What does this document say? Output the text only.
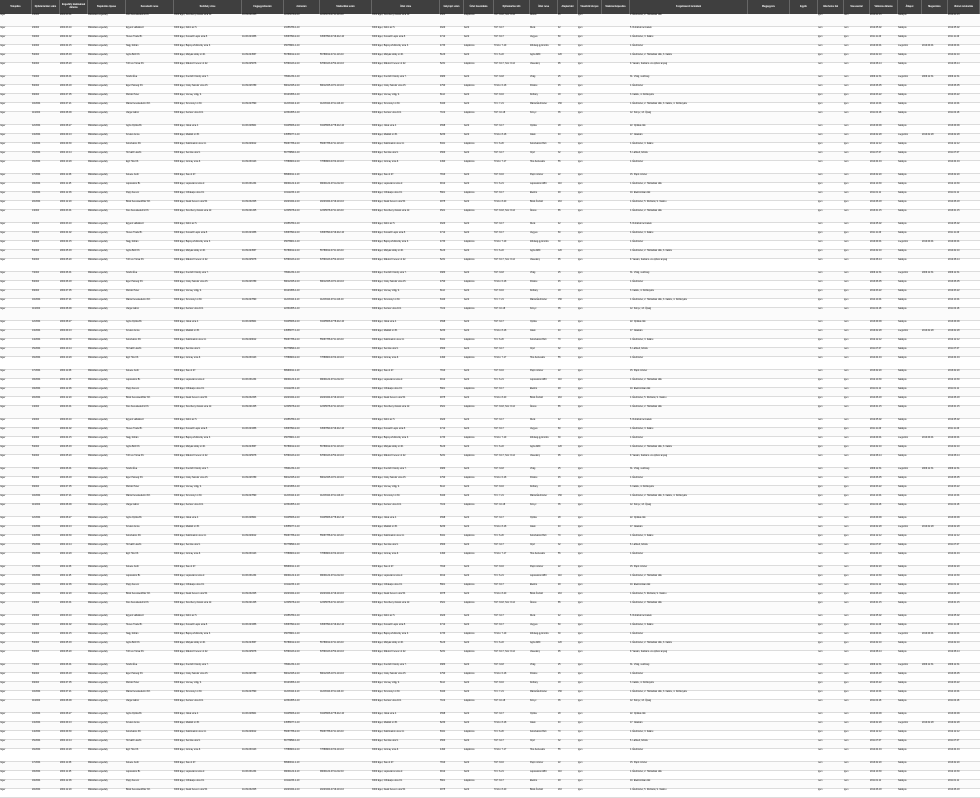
Település	Nyilvántartási szám	Engedély kiadásának dátuma	Bejelentés típusa	Kereskedő neve	Székhely címe	Cégjegyzékszám	Adószám	Statisztikai szám	Üzlet címe	Helyrajzi szám	Üzlet használata	Nyitvatartási idő	Üzlet neve	Alapterület	Vásárlók könyve	Szakmai képesítés	Forgalmazott termékek	Megjegyzés	Egyéb	Alkoholos ital	Szeszesital	Változás dátuma	Állapot	Megszűnés	Utolsó módosítás
Eger	1/2004	2004.03.01	Működési engedély	Kiss Kereskedelmi Kft.	3300 Eger, Széchenyi István utca 12.	10-09-021345	12345678-2-10	12345678-4711-113-10	3300 Eger, Széchenyi István utca 12.	4521	tulajdonos	H-P: 8-18, Szo: 8-12	Ábécé	85	igen		1. Élelmiszer, 2. Háztartási cikk			igen	nem	2013.01.15	hatályos		2013.01.15
Eger	2/2004	2004.03.10	Működési engedély	Egyéni vállalkozó	3300 Eger, Dobó tér 5.		23456789-1-10		3300 Eger, Dobó tér 5.	4620	bérlő	H-P: 9-17	Divat	42	igen		5. Ruházati termékek			nem	nem	2012.05.02	hatályos		2012.05.02
Eger	3/2004	2004.04.02	Működési engedély	Heves Trade Bt.	3300 Eger, Kossuth Lajos utca 8.	10-06-023456	34567890-2-10	34567890-4719-212-10	3300 Eger, Kossuth Lajos utca 8.	4712	bérlő	H-P: 8-17	Vegyes	60	igen		1. Élelmiszer, 3. Italáru			igen	igen	2011.11.20	hatályos		2011.11.20
Eger	4/2004	2004.04.15	Működési engedély	Nagy Zoltán	3300 Eger, Bajcsy-Zsilinszky utca 3.		45678901-1-10		3300 Eger, Bajcsy-Zsilinszky utca 3.	4733	tulajdonos	H-Szo: 7-19	Zöldség-gyümölcs	30	igen		1. Élelmiszer			nem	nem	2010.09.01	megszűnt	2010.09.01	2010.09.01
Eger	5/2004	2004.05.03	Működési engedély	Agria Bolt Kft.	3300 Eger, Mátyás király út 40.	10-09-024567	56789012-2-10	56789012-4711-113-10	3300 Eger, Mátyás király út 40.	5120	bérlő	H-V: 6-22	Agria ABC	120	igen		1. Élelmiszer, 2. Háztartási cikk, 3. Italáru			igen	igen	2014.02.10	hatályos		2014.02.10
Eger	6/2004	2004.05.20	Működési engedély	Tóth és Társa Kft.	3300 Eger, Rákóczi Ferenc út 22.	10-09-025678	67890123-2-10	67890123-4752-113-10	3300 Eger, Rákóczi Ferenc út 22.	5231	tulajdonos	H-P: 8-17, Szo: 8-12	Vasedény	95	igen		9. Vasáru, barkács- és építési anyag			nem	nem	2012.08.14	hatályos		2012.08.14
Eger	7/2004	2004.06.01	Működési engedély	Szabó Éva	3300 Eger, Knézich Károly utca 7.		78901234-1-10		3300 Eger, Knézich Károly utca 7.	4680	bérlő	H-P: 9-18	Virág	25	igen		31. Virág, vetőmag			nem	nem	2009.12.31	megszűnt	2009.12.31	2009.12.31
Eger	8/2004	2004.06.18	Működési engedély	Eger Pékség Kft.	3300 Eger, Csiky Sándor utca 15.	10-09-026789	89012345-2-10	89012345-1071-113-10	3300 Eger, Csiky Sándor utca 15.	4790	tulajdonos	H-Szo: 6-18	Pékáru	45	igen		1. Élelmiszer			nem	nem	2013.06.05	hatályos		2013.06.05
Eger	9/2004	2004.07.05	Működési engedély	Molnár Péter	3300 Eger, Vécsey völgy 2.		90123456-1-10		3300 Eger, Vécsey völgy 2.	6112	bérlő	H-P: 8-16	Dohány	18	igen		3. Italáru, 4. Dohányáru			igen	igen	2012.03.22	hatályos		2012.03.22
Eger	10/2004	2004.07.21	Működési engedély	Mátra Kereskedelmi Kft.	3300 Eger, Szvorényi út 30.	10-09-027890	11223344-2-10	11223344-4711-113-10	3300 Eger, Szvorényi út 30.	6340	bérlő	H-V: 7-21	Mátra Élelmiszer	150	igen		1. Élelmiszer, 2. Háztartási cikk, 3. Italáru, 4. Dohányáru			igen	igen	2014.10.01	hatályos		2014.10.01
Eger	11/2004	2004.08.09	Működési engedély	Varga Gábor	3300 Eger, Kertész utca 101.		22334455-1-10		3300 Eger, Kertész utca 101.	7102	tulajdonos	H-P: 10-18	Könyv	35	igen		12. Könyv, 13. Újság			nem	nem	2011.04.18	hatályos		2011.04.18
Eger	12/2004	2004.08.27	Működési engedély	Agria Optika Bt.	3300 Eger, Jókai utca 4.	10-06-028901	33445566-2-10	33445566-4778-212-10	3300 Eger, Jókai utca 4.	4598	bérlő	H-P: 9-17	Optika	28	igen		22. Optikai cikk			nem	nem	2013.09.09	hatályos		2013.09.09
Eger	13/2004	2004.09.13	Működési engedély	Kovács Anna	3300 Eger, Maklári út 45.		44556677-1-10		3300 Eger, Maklári út 45.	8230	bérlő	H-Szo: 8-18	Játék	40	igen		17. Játékáru			nem	nem	2010.02.28	megszűnt	2010.02.28	2010.02.28
Eger	14/2004	2004.09.30	Működési engedély	Felsőváros Kft.	3300 Eger, Kallómalom utca 11.	10-09-029012	55667788-2-10	55667788-4711-113-10	3300 Eger, Kallómalom utca 11.	8341	tulajdonos	H-V: 6-20	Felsővárosi Bolt	70	igen		1. Élelmiszer, 3. Italáru			igen	igen	2012.12.12	hatályos		2012.12.12
Eger	15/2004	2004.10.14	Működési engedély	Horváth László	3300 Eger, Servita utca 9.		66778899-1-10		3300 Eger, Servita utca 9.	4560	bérlő	H-P: 9-17	Cipő	32	igen		6. Lábbeli, bőráru			nem	nem	2011.07.07	hatályos		2011.07.07
Eger	16/2004	2004.10.29	Működési engedély	Egri Hús Kft.	3300 Eger, Grónay utca 6.	10-09-030123	77889900-2-10	77889900-4722-113-10	3300 Eger, Grónay utca 6.	4490	tulajdonos	H-Szo: 7-17	Hús-hentesáru	55	igen		1. Élelmiszer			nem	nem	2014.04.04	hatályos		2014.04.04
Eger	17/2004	2004.11.08	Működési engedély	Fekete Judit	3300 Eger, Sas út 27.		88990011-1-10		3300 Eger, Sas út 27.	7810	bérlő	H-P: 8-16	Papír-írószer	22	igen		15. Papír-írószer			nem	nem	2013.02.20	hatályos		2013.02.20
Eger	18/2004	2004.11.25	Működési engedély	Lajosváros Bt.	3300 Eger, Lajosvárosi utca 2.	10-06-031234	99001122-2-10	99001122-4711-212-10	3300 Eger, Lajosvárosi utca 2.	9012	bérlő	H-V: 6-21	Lajosvárosi ABC	110	igen		1. Élelmiszer, 2. Háztartási cikk			igen	igen	2012.10.30	hatályos		2012.10.30
Eger	19/2004	2004.12.06	Működési engedély	Papp Ferenc	3300 Eger, Cifrakapu utca 19.		10112233-1-10		3300 Eger, Cifrakapu utca 19.	5601	tulajdonos	H-P: 8-17	Elektro	48	igen		10. Elektronikai cikk			nem	nem	2011.01.11	hatályos		2011.01.11
Eger	20/2004	2004.12.20	Működési engedély	Bükk Kereskedőház Kft.	3300 Eger, Deák Ferenc utca 50.	10-09-032345	20223344-2-10	20223344-4719-113-10	3300 Eger, Deák Ferenc utca 50.	4875	bérlő	H-Szo: 8-20	Bükk Áruház	210	igen		1. Élelmiszer, 5. Ruházat, 9. Vasáru			igen	igen	2014.06.18	hatályos		2014.06.18
Eger	1/2004	2004.03.01	Működési engedély	Kiss Kereskedelmi Kft.	3300 Eger, Széchenyi István utca 12.	10-09-021345	12345678-2-10	12345678-4711-113-10	3300 Eger, Széchenyi István utca 12.	4521	tulajdonos	H-P: 8-18, Szo: 8-12	Ábécé	85	igen		1. Élelmiszer, 2. Háztartási cikk			igen	nem	2013.01.15	hatályos		2013.01.15
Eger	2/2004	2004.03.10	Működési engedély	Egyéni vállalkozó	3300 Eger, Dobó tér 5.		23456789-1-10		3300 Eger, Dobó tér 5.	4620	bérlő	H-P: 9-17	Divat	42	igen		5. Ruházati termékek			nem	nem	2012.05.02	hatályos		2012.05.02
Eger	3/2004	2004.04.02	Működési engedély	Heves Trade Bt.	3300 Eger, Kossuth Lajos utca 8.	10-06-023456	34567890-2-10	34567890-4719-212-10	3300 Eger, Kossuth Lajos utca 8.	4712	bérlő	H-P: 8-17	Vegyes	60	igen		1. Élelmiszer, 3. Italáru			igen	igen	2011.11.20	hatályos		2011.11.20
Eger	4/2004	2004.04.15	Működési engedély	Nagy Zoltán	3300 Eger, Bajcsy-Zsilinszky utca 3.		45678901-1-10		3300 Eger, Bajcsy-Zsilinszky utca 3.	4733	tulajdonos	H-Szo: 7-19	Zöldség-gyümölcs	30	igen		1. Élelmiszer			nem	nem	2010.09.01	megszűnt	2010.09.01	2010.09.01
Eger	5/2004	2004.05.03	Működési engedély	Agria Bolt Kft.	3300 Eger, Mátyás király út 40.	10-09-024567	56789012-2-10	56789012-4711-113-10	3300 Eger, Mátyás király út 40.	5120	bérlő	H-V: 6-22	Agria ABC	120	igen		1. Élelmiszer, 2. Háztartási cikk, 3. Italáru			igen	igen	2014.02.10	hatályos		2014.02.10
Eger	6/2004	2004.05.20	Működési engedély	Tóth és Társa Kft.	3300 Eger, Rákóczi Ferenc út 22.	10-09-025678	67890123-2-10	67890123-4752-113-10	3300 Eger, Rákóczi Ferenc út 22.	5231	tulajdonos	H-P: 8-17, Szo: 8-12	Vasedény	95	igen		9. Vasáru, barkács- és építési anyag			nem	nem	2012.08.14	hatályos		2012.08.14
Eger	7/2004	2004.06.01	Működési engedély	Szabó Éva	3300 Eger, Knézich Károly utca 7.		78901234-1-10		3300 Eger, Knézich Károly utca 7.	4680	bérlő	H-P: 9-18	Virág	25	igen		31. Virág, vetőmag			nem	nem	2009.12.31	megszűnt	2009.12.31	2009.12.31
Eger	8/2004	2004.06.18	Működési engedély	Eger Pékség Kft.	3300 Eger, Csiky Sándor utca 15.	10-09-026789	89012345-2-10	89012345-1071-113-10	3300 Eger, Csiky Sándor utca 15.	4790	tulajdonos	H-Szo: 6-18	Pékáru	45	igen		1. Élelmiszer			nem	nem	2013.06.05	hatályos		2013.06.05
Eger	9/2004	2004.07.05	Működési engedély	Molnár Péter	3300 Eger, Vécsey völgy 2.		90123456-1-10		3300 Eger, Vécsey völgy 2.	6112	bérlő	H-P: 8-16	Dohány	18	igen		3. Italáru, 4. Dohányáru			igen	igen	2012.03.22	hatályos		2012.03.22
Eger	10/2004	2004.07.21	Működési engedély	Mátra Kereskedelmi Kft.	3300 Eger, Szvorényi út 30.	10-09-027890	11223344-2-10	11223344-4711-113-10	3300 Eger, Szvorényi út 30.	6340	bérlő	H-V: 7-21	Mátra Élelmiszer	150	igen		1. Élelmiszer, 2. Háztartási cikk, 3. Italáru, 4. Dohányáru			igen	igen	2014.10.01	hatályos		2014.10.01
Eger	11/2004	2004.08.09	Működési engedély	Varga Gábor	3300 Eger, Kertész utca 101.		22334455-1-10		3300 Eger, Kertész utca 101.	7102	tulajdonos	H-P: 10-18	Könyv	35	igen		12. Könyv, 13. Újság			nem	nem	2011.04.18	hatályos		2011.04.18
Eger	12/2004	2004.08.27	Működési engedély	Agria Optika Bt.	3300 Eger, Jókai utca 4.	10-06-028901	33445566-2-10	33445566-4778-212-10	3300 Eger, Jókai utca 4.	4598	bérlő	H-P: 9-17	Optika	28	igen		22. Optikai cikk			nem	nem	2013.09.09	hatályos		2013.09.09
Eger	13/2004	2004.09.13	Működési engedély	Kovács Anna	3300 Eger, Maklári út 45.		44556677-1-10		3300 Eger, Maklári út 45.	8230	bérlő	H-Szo: 8-18	Játék	40	igen		17. Játékáru			nem	nem	2010.02.28	megszűnt	2010.02.28	2010.02.28
Eger	14/2004	2004.09.30	Működési engedély	Felsőváros Kft.	3300 Eger, Kallómalom utca 11.	10-09-029012	55667788-2-10	55667788-4711-113-10	3300 Eger, Kallómalom utca 11.	8341	tulajdonos	H-V: 6-20	Felsővárosi Bolt	70	igen		1. Élelmiszer, 3. Italáru			igen	igen	2012.12.12	hatályos		2012.12.12
Eger	15/2004	2004.10.14	Működési engedély	Horváth László	3300 Eger, Servita utca 9.		66778899-1-10		3300 Eger, Servita utca 9.	4560	bérlő	H-P: 9-17	Cipő	32	igen		6. Lábbeli, bőráru			nem	nem	2011.07.07	hatályos		2011.07.07
Eger	16/2004	2004.10.29	Működési engedély	Egri Hús Kft.	3300 Eger, Grónay utca 6.	10-09-030123	77889900-2-10	77889900-4722-113-10	3300 Eger, Grónay utca 6.	4490	tulajdonos	H-Szo: 7-17	Hús-hentesáru	55	igen		1. Élelmiszer			nem	nem	2014.04.04	hatályos		2014.04.04
Eger	17/2004	2004.11.08	Működési engedély	Fekete Judit	3300 Eger, Sas út 27.		88990011-1-10		3300 Eger, Sas út 27.	7810	bérlő	H-P: 8-16	Papír-írószer	22	igen		15. Papír-írószer			nem	nem	2013.02.20	hatályos		2013.02.20
Eger	18/2004	2004.11.25	Működési engedély	Lajosváros Bt.	3300 Eger, Lajosvárosi utca 2.	10-06-031234	99001122-2-10	99001122-4711-212-10	3300 Eger, Lajosvárosi utca 2.	9012	bérlő	H-V: 6-21	Lajosvárosi ABC	110	igen		1. Élelmiszer, 2. Háztartási cikk			igen	igen	2012.10.30	hatályos		2012.10.30
Eger	19/2004	2004.12.06	Működési engedély	Papp Ferenc	3300 Eger, Cifrakapu utca 19.		10112233-1-10		3300 Eger, Cifrakapu utca 19.	5601	tulajdonos	H-P: 8-17	Elektro	48	igen		10. Elektronikai cikk			nem	nem	2011.01.11	hatályos		2011.01.11
Eger	20/2004	2004.12.20	Működési engedély	Bükk Kereskedőház Kft.	3300 Eger, Deák Ferenc utca 50.	10-09-032345	20223344-2-10	20223344-4719-113-10	3300 Eger, Deák Ferenc utca 50.	4875	bérlő	H-Szo: 8-20	Bükk Áruház	210	igen		1. Élelmiszer, 5. Ruházat, 9. Vasáru			igen	igen	2014.06.18	hatályos		2014.06.18
Eger	1/2004	2004.03.01	Működési engedély	Kiss Kereskedelmi Kft.	3300 Eger, Széchenyi István utca 12.	10-09-021345	12345678-2-10	12345678-4711-113-10	3300 Eger, Széchenyi István utca 12.	4521	tulajdonos	H-P: 8-18, Szo: 8-12	Ábécé	85	igen		1. Élelmiszer, 2. Háztartási cikk			igen	nem	2013.01.15	hatályos		2013.01.15
Eger	2/2004	2004.03.10	Működési engedély	Egyéni vállalkozó	3300 Eger, Dobó tér 5.		23456789-1-10		3300 Eger, Dobó tér 5.	4620	bérlő	H-P: 9-17	Divat	42	igen		5. Ruházati termékek			nem	nem	2012.05.02	hatályos		2012.05.02
Eger	3/2004	2004.04.02	Működési engedély	Heves Trade Bt.	3300 Eger, Kossuth Lajos utca 8.	10-06-023456	34567890-2-10	34567890-4719-212-10	3300 Eger, Kossuth Lajos utca 8.	4712	bérlő	H-P: 8-17	Vegyes	60	igen		1. Élelmiszer, 3. Italáru			igen	igen	2011.11.20	hatályos		2011.11.20
Eger	4/2004	2004.04.15	Működési engedély	Nagy Zoltán	3300 Eger, Bajcsy-Zsilinszky utca 3.		45678901-1-10		3300 Eger, Bajcsy-Zsilinszky utca 3.	4733	tulajdonos	H-Szo: 7-19	Zöldség-gyümölcs	30	igen		1. Élelmiszer			nem	nem	2010.09.01	megszűnt	2010.09.01	2010.09.01
Eger	5/2004	2004.05.03	Működési engedély	Agria Bolt Kft.	3300 Eger, Mátyás király út 40.	10-09-024567	56789012-2-10	56789012-4711-113-10	3300 Eger, Mátyás király út 40.	5120	bérlő	H-V: 6-22	Agria ABC	120	igen		1. Élelmiszer, 2. Háztartási cikk, 3. Italáru			igen	igen	2014.02.10	hatályos		2014.02.10
Eger	6/2004	2004.05.20	Működési engedély	Tóth és Társa Kft.	3300 Eger, Rákóczi Ferenc út 22.	10-09-025678	67890123-2-10	67890123-4752-113-10	3300 Eger, Rákóczi Ferenc út 22.	5231	tulajdonos	H-P: 8-17, Szo: 8-12	Vasedény	95	igen		9. Vasáru, barkács- és építési anyag			nem	nem	2012.08.14	hatályos		2012.08.14
Eger	7/2004	2004.06.01	Működési engedély	Szabó Éva	3300 Eger, Knézich Károly utca 7.		78901234-1-10		3300 Eger, Knézich Károly utca 7.	4680	bérlő	H-P: 9-18	Virág	25	igen		31. Virág, vetőmag			nem	nem	2009.12.31	megszűnt	2009.12.31	2009.12.31
Eger	8/2004	2004.06.18	Működési engedély	Eger Pékség Kft.	3300 Eger, Csiky Sándor utca 15.	10-09-026789	89012345-2-10	89012345-1071-113-10	3300 Eger, Csiky Sándor utca 15.	4790	tulajdonos	H-Szo: 6-18	Pékáru	45	igen		1. Élelmiszer			nem	nem	2013.06.05	hatályos		2013.06.05
Eger	9/2004	2004.07.05	Működési engedély	Molnár Péter	3300 Eger, Vécsey völgy 2.		90123456-1-10		3300 Eger, Vécsey völgy 2.	6112	bérlő	H-P: 8-16	Dohány	18	igen		3. Italáru, 4. Dohányáru			igen	igen	2012.03.22	hatályos		2012.03.22
Eger	10/2004	2004.07.21	Működési engedély	Mátra Kereskedelmi Kft.	3300 Eger, Szvorényi út 30.	10-09-027890	11223344-2-10	11223344-4711-113-10	3300 Eger, Szvorényi út 30.	6340	bérlő	H-V: 7-21	Mátra Élelmiszer	150	igen		1. Élelmiszer, 2. Háztartási cikk, 3. Italáru, 4. Dohányáru			igen	igen	2014.10.01	hatályos		2014.10.01
Eger	11/2004	2004.08.09	Működési engedély	Varga Gábor	3300 Eger, Kertész utca 101.		22334455-1-10		3300 Eger, Kertész utca 101.	7102	tulajdonos	H-P: 10-18	Könyv	35	igen		12. Könyv, 13. Újság			nem	nem	2011.04.18	hatályos		2011.04.18
Eger	12/2004	2004.08.27	Működési engedély	Agria Optika Bt.	3300 Eger, Jókai utca 4.	10-06-028901	33445566-2-10	33445566-4778-212-10	3300 Eger, Jókai utca 4.	4598	bérlő	H-P: 9-17	Optika	28	igen		22. Optikai cikk			nem	nem	2013.09.09	hatályos		2013.09.09
Eger	13/2004	2004.09.13	Működési engedély	Kovács Anna	3300 Eger, Maklári út 45.		44556677-1-10		3300 Eger, Maklári út 45.	8230	bérlő	H-Szo: 8-18	Játék	40	igen		17. Játékáru			nem	nem	2010.02.28	megszűnt	2010.02.28	2010.02.28
Eger	14/2004	2004.09.30	Működési engedély	Felsőváros Kft.	3300 Eger, Kallómalom utca 11.	10-09-029012	55667788-2-10	55667788-4711-113-10	3300 Eger, Kallómalom utca 11.	8341	tulajdonos	H-V: 6-20	Felsővárosi Bolt	70	igen		1. Élelmiszer, 3. Italáru			igen	igen	2012.12.12	hatályos		2012.12.12
Eger	15/2004	2004.10.14	Működési engedély	Horváth László	3300 Eger, Servita utca 9.		66778899-1-10		3300 Eger, Servita utca 9.	4560	bérlő	H-P: 9-17	Cipő	32	igen		6. Lábbeli, bőráru			nem	nem	2011.07.07	hatályos		2011.07.07
Eger	16/2004	2004.10.29	Működési engedély	Egri Hús Kft.	3300 Eger, Grónay utca 6.	10-09-030123	77889900-2-10	77889900-4722-113-10	3300 Eger, Grónay utca 6.	4490	tulajdonos	H-Szo: 7-17	Hús-hentesáru	55	igen		1. Élelmiszer			nem	nem	2014.04.04	hatályos		2014.04.04
Eger	17/2004	2004.11.08	Működési engedély	Fekete Judit	3300 Eger, Sas út 27.		88990011-1-10		3300 Eger, Sas út 27.	7810	bérlő	H-P: 8-16	Papír-írószer	22	igen		15. Papír-írószer			nem	nem	2013.02.20	hatályos		2013.02.20
Eger	18/2004	2004.11.25	Működési engedély	Lajosváros Bt.	3300 Eger, Lajosvárosi utca 2.	10-06-031234	99001122-2-10	99001122-4711-212-10	3300 Eger, Lajosvárosi utca 2.	9012	bérlő	H-V: 6-21	Lajosvárosi ABC	110	igen		1. Élelmiszer, 2. Háztartási cikk			igen	igen	2012.10.30	hatályos		2012.10.30
Eger	19/2004	2004.12.06	Működési engedély	Papp Ferenc	3300 Eger, Cifrakapu utca 19.		10112233-1-10		3300 Eger, Cifrakapu utca 19.	5601	tulajdonos	H-P: 8-17	Elektro	48	igen		10. Elektronikai cikk			nem	nem	2011.01.11	hatályos		2011.01.11
Eger	20/2004	2004.12.20	Működési engedély	Bükk Kereskedőház Kft.	3300 Eger, Deák Ferenc utca 50.	10-09-032345	20223344-2-10	20223344-4719-113-10	3300 Eger, Deák Ferenc utca 50.	4875	bérlő	H-Szo: 8-20	Bükk Áruház	210	igen		1. Élelmiszer, 5. Ruházat, 9. Vasáru			igen	igen	2014.06.18	hatályos		2014.06.18
Eger	1/2004	2004.03.01	Működési engedély	Kiss Kereskedelmi Kft.	3300 Eger, Széchenyi István utca 12.	10-09-021345	12345678-2-10	12345678-4711-113-10	3300 Eger, Széchenyi István utca 12.	4521	tulajdonos	H-P: 8-18, Szo: 8-12	Ábécé	85	igen		1. Élelmiszer, 2. Háztartási cikk			igen	nem	2013.01.15	hatályos		2013.01.15
Eger	2/2004	2004.03.10	Működési engedély	Egyéni vállalkozó	3300 Eger, Dobó tér 5.		23456789-1-10		3300 Eger, Dobó tér 5.	4620	bérlő	H-P: 9-17	Divat	42	igen		5. Ruházati termékek			nem	nem	2012.05.02	hatályos		2012.05.02
Eger	3/2004	2004.04.02	Működési engedély	Heves Trade Bt.	3300 Eger, Kossuth Lajos utca 8.	10-06-023456	34567890-2-10	34567890-4719-212-10	3300 Eger, Kossuth Lajos utca 8.	4712	bérlő	H-P: 8-17	Vegyes	60	igen		1. Élelmiszer, 3. Italáru			igen	igen	2011.11.20	hatályos		2011.11.20
Eger	4/2004	2004.04.15	Működési engedély	Nagy Zoltán	3300 Eger, Bajcsy-Zsilinszky utca 3.		45678901-1-10		3300 Eger, Bajcsy-Zsilinszky utca 3.	4733	tulajdonos	H-Szo: 7-19	Zöldség-gyümölcs	30	igen		1. Élelmiszer			nem	nem	2010.09.01	megszűnt	2010.09.01	2010.09.01
Eger	5/2004	2004.05.03	Működési engedély	Agria Bolt Kft.	3300 Eger, Mátyás király út 40.	10-09-024567	56789012-2-10	56789012-4711-113-10	3300 Eger, Mátyás király út 40.	5120	bérlő	H-V: 6-22	Agria ABC	120	igen		1. Élelmiszer, 2. Háztartási cikk, 3. Italáru			igen	igen	2014.02.10	hatályos		2014.02.10
Eger	6/2004	2004.05.20	Működési engedély	Tóth és Társa Kft.	3300 Eger, Rákóczi Ferenc út 22.	10-09-025678	67890123-2-10	67890123-4752-113-10	3300 Eger, Rákóczi Ferenc út 22.	5231	tulajdonos	H-P: 8-17, Szo: 8-12	Vasedény	95	igen		9. Vasáru, barkács- és építési anyag			nem	nem	2012.08.14	hatályos		2012.08.14
Eger	7/2004	2004.06.01	Működési engedély	Szabó Éva	3300 Eger, Knézich Károly utca 7.		78901234-1-10		3300 Eger, Knézich Károly utca 7.	4680	bérlő	H-P: 9-18	Virág	25	igen		31. Virág, vetőmag			nem	nem	2009.12.31	megszűnt	2009.12.31	2009.12.31
Eger	8/2004	2004.06.18	Működési engedély	Eger Pékség Kft.	3300 Eger, Csiky Sándor utca 15.	10-09-026789	89012345-2-10	89012345-1071-113-10	3300 Eger, Csiky Sándor utca 15.	4790	tulajdonos	H-Szo: 6-18	Pékáru	45	igen		1. Élelmiszer			nem	nem	2013.06.05	hatályos		2013.06.05
Eger	9/2004	2004.07.05	Működési engedély	Molnár Péter	3300 Eger, Vécsey völgy 2.		90123456-1-10		3300 Eger, Vécsey völgy 2.	6112	bérlő	H-P: 8-16	Dohány	18	igen		3. Italáru, 4. Dohányáru			igen	igen	2012.03.22	hatályos		2012.03.22
Eger	10/2004	2004.07.21	Működési engedély	Mátra Kereskedelmi Kft.	3300 Eger, Szvorényi út 30.	10-09-027890	11223344-2-10	11223344-4711-113-10	3300 Eger, Szvorényi út 30.	6340	bérlő	H-V: 7-21	Mátra Élelmiszer	150	igen		1. Élelmiszer, 2. Háztartási cikk, 3. Italáru, 4. Dohányáru			igen	igen	2014.10.01	hatályos		2014.10.01
Eger	11/2004	2004.08.09	Működési engedély	Varga Gábor	3300 Eger, Kertész utca 101.		22334455-1-10		3300 Eger, Kertész utca 101.	7102	tulajdonos	H-P: 10-18	Könyv	35	igen		12. Könyv, 13. Újság			nem	nem	2011.04.18	hatályos		2011.04.18
Eger	12/2004	2004.08.27	Működési engedély	Agria Optika Bt.	3300 Eger, Jókai utca 4.	10-06-028901	33445566-2-10	33445566-4778-212-10	3300 Eger, Jókai utca 4.	4598	bérlő	H-P: 9-17	Optika	28	igen		22. Optikai cikk			nem	nem	2013.09.09	hatályos		2013.09.09
Eger	13/2004	2004.09.13	Működési engedély	Kovács Anna	3300 Eger, Maklári út 45.		44556677-1-10		3300 Eger, Maklári út 45.	8230	bérlő	H-Szo: 8-18	Játék	40	igen		17. Játékáru			nem	nem	2010.02.28	megszűnt	2010.02.28	2010.02.28
Eger	14/2004	2004.09.30	Működési engedély	Felsőváros Kft.	3300 Eger, Kallómalom utca 11.	10-09-029012	55667788-2-10	55667788-4711-113-10	3300 Eger, Kallómalom utca 11.	8341	tulajdonos	H-V: 6-20	Felsővárosi Bolt	70	igen		1. Élelmiszer, 3. Italáru			igen	igen	2012.12.12	hatályos		2012.12.12
Eger	15/2004	2004.10.14	Működési engedély	Horváth László	3300 Eger, Servita utca 9.		66778899-1-10		3300 Eger, Servita utca 9.	4560	bérlő	H-P: 9-17	Cipő	32	igen		6. Lábbeli, bőráru			nem	nem	2011.07.07	hatályos		2011.07.07
Eger	16/2004	2004.10.29	Működési engedély	Egri Hús Kft.	3300 Eger, Grónay utca 6.	10-09-030123	77889900-2-10	77889900-4722-113-10	3300 Eger, Grónay utca 6.	4490	tulajdonos	H-Szo: 7-17	Hús-hentesáru	55	igen		1. Élelmiszer			nem	nem	2014.04.04	hatályos		2014.04.04
Eger	17/2004	2004.11.08	Működési engedély	Fekete Judit	3300 Eger, Sas út 27.		88990011-1-10		3300 Eger, Sas út 27.	7810	bérlő	H-P: 8-16	Papír-írószer	22	igen		15. Papír-írószer			nem	nem	2013.02.20	hatályos		2013.02.20
Eger	18/2004	2004.11.25	Működési engedély	Lajosváros Bt.	3300 Eger, Lajosvárosi utca 2.	10-06-031234	99001122-2-10	99001122-4711-212-10	3300 Eger, Lajosvárosi utca 2.	9012	bérlő	H-V: 6-21	Lajosvárosi ABC	110	igen		1. Élelmiszer, 2. Háztartási cikk			igen	igen	2012.10.30	hatályos		2012.10.30
Eger	19/2004	2004.12.06	Működési engedély	Papp Ferenc	3300 Eger, Cifrakapu utca 19.		10112233-1-10		3300 Eger, Cifrakapu utca 19.	5601	tulajdonos	H-P: 8-17	Elektro	48	igen		10. Elektronikai cikk			nem	nem	2011.01.11	hatályos		2011.01.11
Eger	20/2004	2004.12.20	Működési engedély	Bükk Kereskedőház Kft.	3300 Eger, Deák Ferenc utca 50.	10-09-032345	20223344-2-10	20223344-4719-113-10	3300 Eger, Deák Ferenc utca 50.	4875	bérlő	H-Szo: 8-20	Bükk Áruház	210	igen		1. Élelmiszer, 5. Ruházat, 9. Vasáru			igen	igen	2014.06.18	hatályos		2014.06.18
